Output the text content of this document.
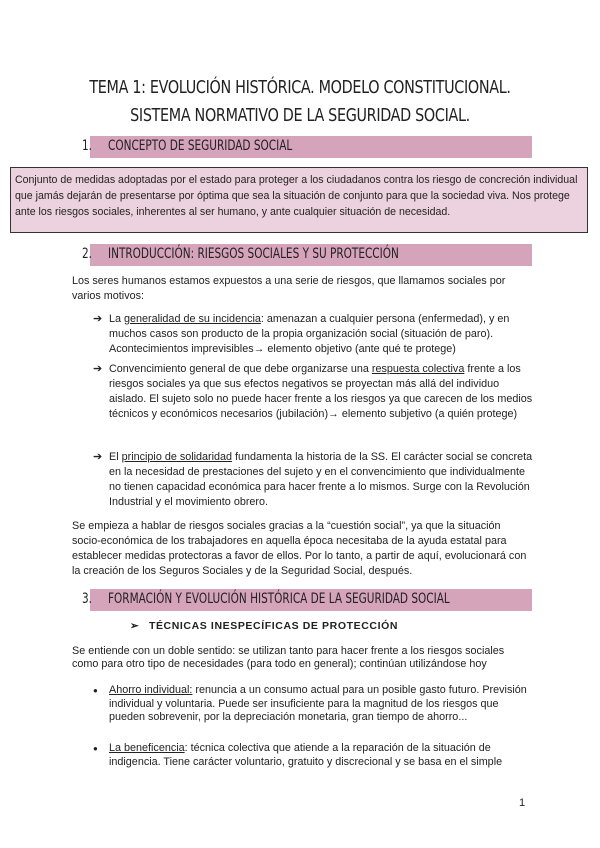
TEMA 1: EVOLUCIÓN HISTÓRICA. MODELO CONSTITUCIONAL. SISTEMA NORMATIVO DE LA SEGURIDAD SOCIAL.
1. CONCEPTO DE SEGURIDAD SOCIAL
Conjunto de medidas adoptadas por el estado para proteger a los ciudadanos contra los riesgo de concreción individual que jamás dejarán de presentarse por óptima que sea la situación de conjunto para que la sociedad viva. Nos protege ante los riesgos sociales, inherentes al ser humano, y ante cualquier situación de necesidad.
2. INTRODUCCIÓN: RIESGOS SOCIALES Y SU PROTECCIÓN
Los seres humanos estamos expuestos a una serie de riesgos, que llamamos sociales por varios motivos:
➔ La generalidad de su incidencia: amenazan a cualquier persona (enfermedad), y en muchos casos son producto de la propia organización social (situación de paro). Acontecimientos imprevisibles→ elemento objetivo (ante qué te protege)
➔ Convencimiento general de que debe organizarse una respuesta colectiva frente a los riesgos sociales ya que sus efectos negativos se proyectan más allá del individuo aislado. El sujeto solo no puede hacer frente a los riesgos ya que carecen de los medios técnicos y económicos necesarios (jubilación)→ elemento subjetivo (a quién protege)
➔ El principio de solidaridad fundamenta la historia de la SS. El carácter social se concreta en la necesidad de prestaciones del sujeto y en el convencimiento que individualmente no tienen capacidad económica para hacer frente a lo mismos. Surge con la Revolución Industrial y el movimiento obrero.
Se empieza a hablar de riesgos sociales gracias a la “cuestión social”, ya que la situación socio-económica de los trabajadores en aquella época necesitaba de la ayuda estatal para establecer medidas protectoras a favor de ellos. Por lo tanto, a partir de aquí, evolucionará con la creación de los Seguros Sociales y de la Seguridad Social, después.
3. FORMACIÓN Y EVOLUCIÓN HISTÓRICA DE LA SEGURIDAD SOCIAL
➢ TÉCNICAS INESPECÍFICAS DE PROTECCIÓN
Se entiende con un doble sentido: se utilizan tanto para hacer frente a los riesgos sociales como para otro tipo de necesidades (para todo en general); continúan utilizándose hoy
● Ahorro individual: renuncia a un consumo actual para un posible gasto futuro. Previsión individual y voluntaria. Puede ser insuficiente para la magnitud de los riesgos que pueden sobrevenir, por la depreciación monetaria, gran tiempo de ahorro...
● La beneficencia: técnica colectiva que atiende a la reparación de la situación de indigencia. Tiene carácter voluntario, gratuito y discrecional y se basa en el simple
1
